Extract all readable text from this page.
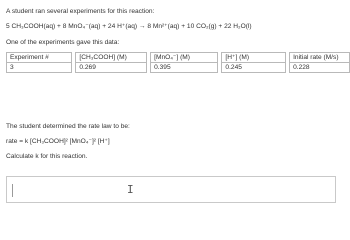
A student ran several experiments for this reaction:
5 CH₃COOH(aq) + 8 MnO₄⁻(aq) + 24 H⁺(aq) → 8 Mn²⁺(aq) + 10 CO₂(g) + 22 H₂O(l)
One of the experiments gave this data:
Experiment #		[CH₃COOH] (M)		[MnO₄⁻] (M)		[H⁺] (M)		Initial rate (M/s)
3		0.269		0.395		0.245		0.228
The student determined the rate law to be:
rate = k [CH₃COOH]² [MnO₄⁻]² [H⁺]
Calculate k for this reaction.
I
